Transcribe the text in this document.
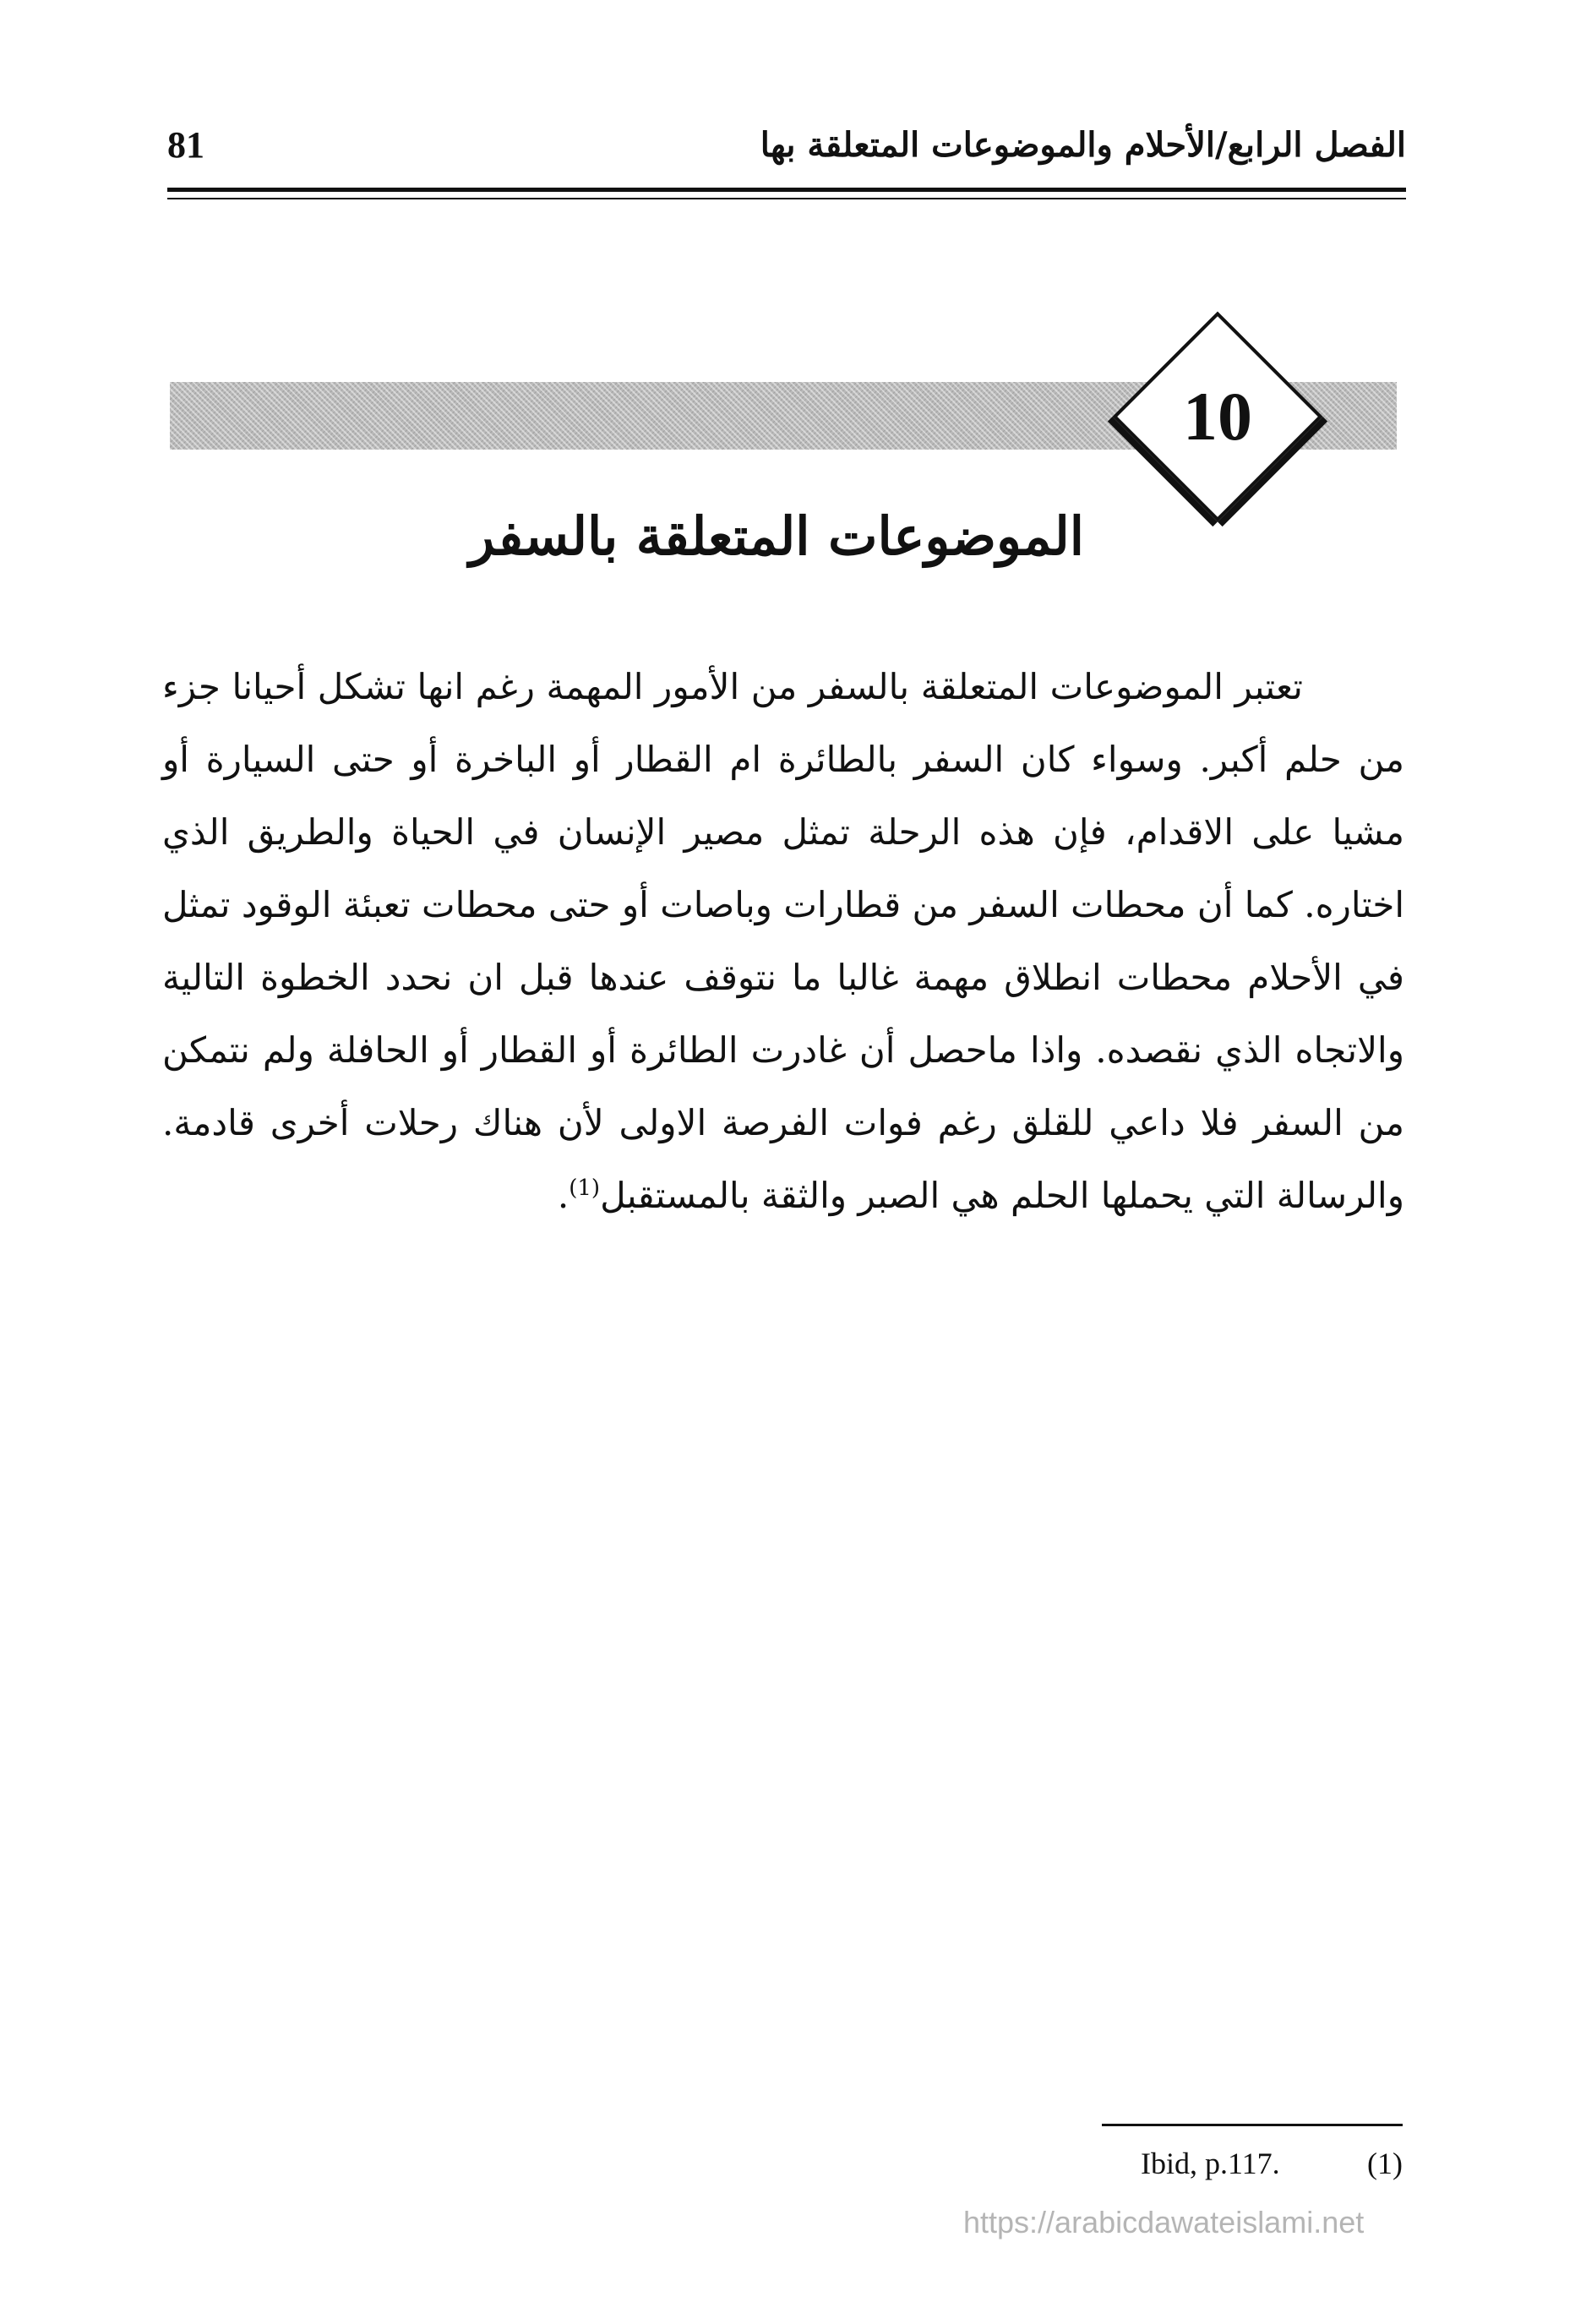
81	الفصل الرابع/الأحلام والموضوعات المتعلقة بها
10
الموضوعات المتعلقة بالسفر

تعتبر الموضوعات المتعلقة بالسفر من الأمور المهمة رغم انها تشكل أحيانا جزء من حلم أكبر. وسواء كان السفر بالطائرة ام القطار أو الباخرة أو حتى السيارة أو مشيا على الاقدام، فإن هذه الرحلة تمثل مصير الإنسان في الحياة والطريق الذي اختاره. كما أن محطات السفر من قطارات وباصات أو حتى محطات تعبئة الوقود تمثل في الأحلام محطات انطلاق مهمة غالبا ما نتوقف عندها قبل ان نحدد الخطوة التالية والاتجاه الذي نقصده. واذا ماحصل أن غادرت الطائرة أو القطار أو الحافلة ولم نتمكن من السفر فلا داعي للقلق رغم فوات الفرصة الاولى لأن هناك رحلات أخرى قادمة. والرسالة التي يحملها الحلم هي الصبر والثقة بالمستقبل$^{(1)}$.

Ibid, p.117.	(1)
https://arabicdawateislami.net
